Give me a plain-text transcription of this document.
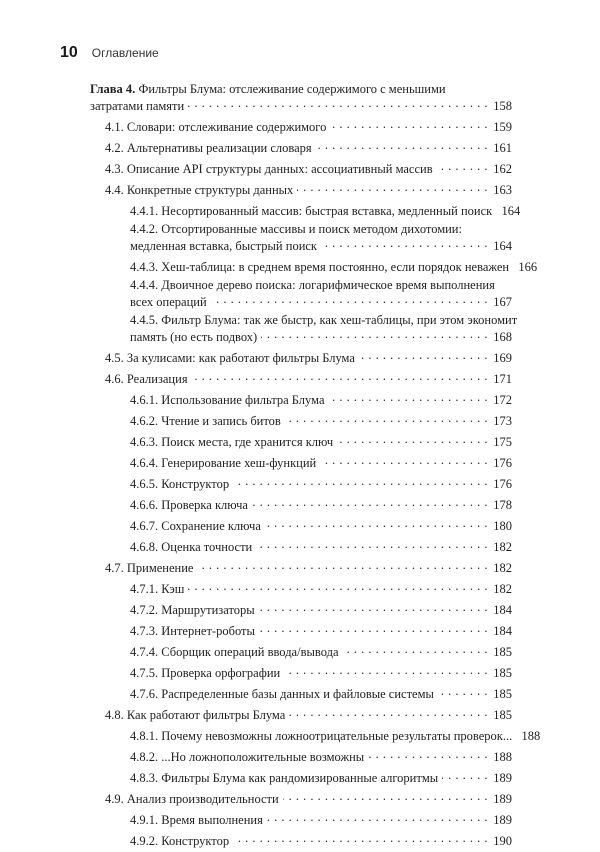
10 Оглавление
Глава 4. Фильтры Блума: отслеживание содержимого с меньшими
затратами памяти . . .	158
4.1. Словари: отслеживание содержимого . . .	159
4.2. Альтернативы реализации словаря . . .	161
4.3. Описание API структуры данных: ассоциативный массив . . .	162
4.4. Конкретные структуры данных . . .	163
4.4.1. Несортированный массив: быстрая вставка, медленный поиск 164
4.4.2. Отсортированные массивы и поиск методом дихотомии:
медленная вставка, быстрый поиск . . .	164
4.4.3. Хеш-таблица: в среднем время постоянно, если порядок неважен 166
4.4.4. Двоичное дерево поиска: логарифмическое время выполнения
всех операций . . .	167
4.4.5. Фильтр Блума: так же быстр, как хеш-таблицы, при этом экономит
память (но есть подвох) . . .	168
4.5. За кулисами: как работают фильтры Блума . . .	169
4.6. Реализация . . .	171
4.6.1. Использование фильтра Блума . . .	172
4.6.2. Чтение и запись битов . . .	173
4.6.3. Поиск места, где хранится ключ . . .	175
4.6.4. Генерирование хеш-функций . . .	176
4.6.5. Конструктор . . .	176
4.6.6. Проверка ключа . . .	178
4.6.7. Сохранение ключа . . .	180
4.6.8. Оценка точности . . .	182
4.7. Применение . . .	182
4.7.1. Кэш . . .	182
4.7.2. Маршрутизаторы . . .	184
4.7.3. Интернет-роботы . . .	184
4.7.4. Сборщик операций ввода/вывода . . .	185
4.7.5. Проверка орфографии . . .	185
4.7.6. Распределенные базы данных и файловые системы . . .	185
4.8. Как работают фильтры Блума . . .	185
4.8.1. Почему невозможны ложноотрицательные результаты проверок... 188
4.8.2. ...Но ложноположительные возможны . . .	188
4.8.3. Фильтры Блума как рандомизированные алгоритмы . . .	189
4.9. Анализ производительности . . .	189
4.9.1. Время выполнения . . .	189
4.9.2. Конструктор . . .	190
